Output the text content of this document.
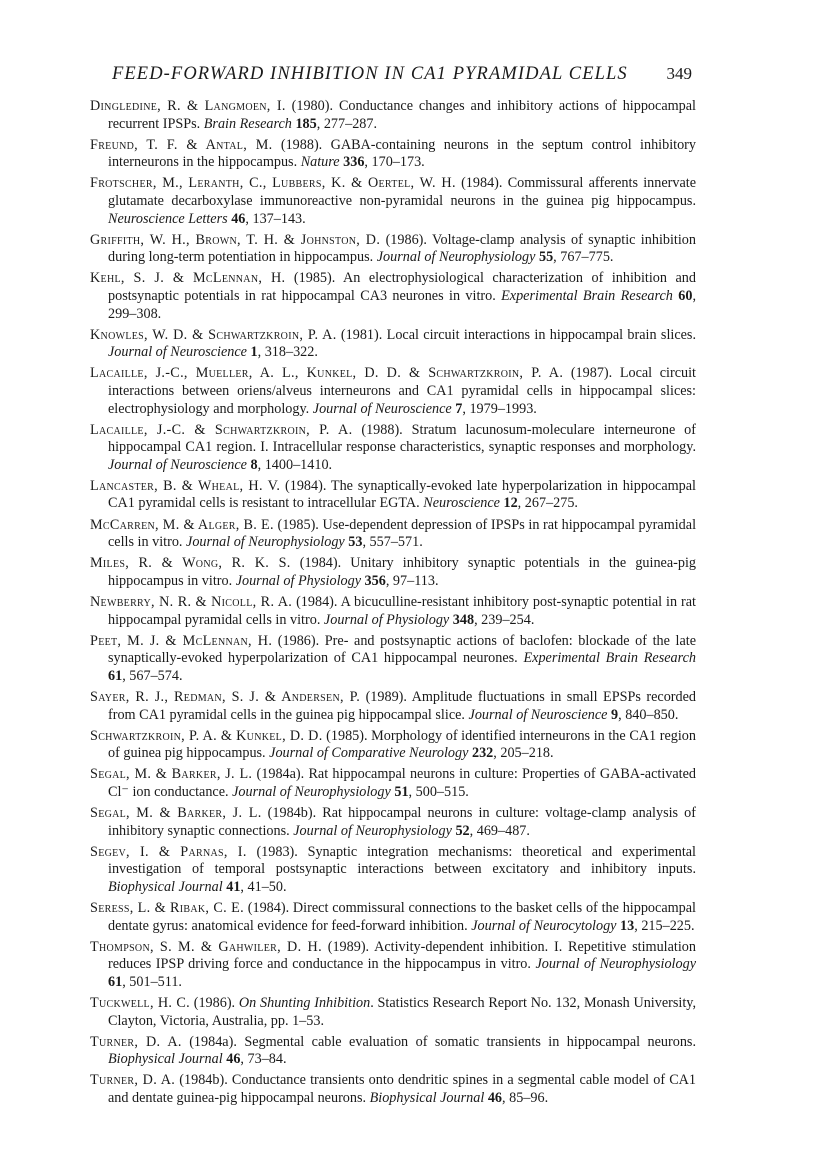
FEED-FORWARD INHIBITION IN CA1 PYRAMIDAL CELLS 349

Dingledine, R. & Langmoen, I. (1980). Conductance changes and inhibitory actions of hippocampal recurrent IPSPs. Brain Research 185, 277–287.

Freund, T. F. & Antal, M. (1988). GABA-containing neurons in the septum control inhibitory interneurons in the hippocampus. Nature 336, 170–173.

Frotscher, M., Leranth, C., Lubbers, K. & Oertel, W. H. (1984). Commissural afferents innervate glutamate decarboxylase immunoreactive non-pyramidal neurons in the guinea pig hippocampus. Neuroscience Letters 46, 137–143.

Griffith, W. H., Brown, T. H. & Johnston, D. (1986). Voltage-clamp analysis of synaptic inhibition during long-term potentiation in hippocampus. Journal of Neurophysiology 55, 767–775.

Kehl, S. J. & McLennan, H. (1985). An electrophysiological characterization of inhibition and postsynaptic potentials in rat hippocampal CA3 neurones in vitro. Experimental Brain Research 60, 299–308.

Knowles, W. D. & Schwartzkroin, P. A. (1981). Local circuit interactions in hippocampal brain slices. Journal of Neuroscience 1, 318–322.

Lacaille, J.-C., Mueller, A. L., Kunkel, D. D. & Schwartzkroin, P. A. (1987). Local circuit interactions between oriens/alveus interneurons and CA1 pyramidal cells in hippocampal slices: electrophysiology and morphology. Journal of Neuroscience 7, 1979–1993.

Lacaille, J.-C. & Schwartzkroin, P. A. (1988). Stratum lacunosum-moleculare interneurone of hippocampal CA1 region. I. Intracellular response characteristics, synaptic responses and morphology. Journal of Neuroscience 8, 1400–1410.

Lancaster, B. & Wheal, H. V. (1984). The synaptically-evoked late hyperpolarization in hippocampal CA1 pyramidal cells is resistant to intracellular EGTA. Neuroscience 12, 267–275.

McCarren, M. & Alger, B. E. (1985). Use-dependent depression of IPSPs in rat hippocampal pyramidal cells in vitro. Journal of Neurophysiology 53, 557–571.

Miles, R. & Wong, R. K. S. (1984). Unitary inhibitory synaptic potentials in the guinea-pig hippocampus in vitro. Journal of Physiology 356, 97–113.

Newberry, N. R. & Nicoll, R. A. (1984). A bicuculline-resistant inhibitory post-synaptic potential in rat hippocampal pyramidal cells in vitro. Journal of Physiology 348, 239–254.

Peet, M. J. & McLennan, H. (1986). Pre- and postsynaptic actions of baclofen: blockade of the late synaptically-evoked hyperpolarization of CA1 hippocampal neurones. Experimental Brain Research 61, 567–574.

Sayer, R. J., Redman, S. J. & Andersen, P. (1989). Amplitude fluctuations in small EPSPs recorded from CA1 pyramidal cells in the guinea pig hippocampal slice. Journal of Neuroscience 9, 840–850.

Schwartzkroin, P. A. & Kunkel, D. D. (1985). Morphology of identified interneurons in the CA1 region of guinea pig hippocampus. Journal of Comparative Neurology 232, 205–218.

Segal, M. & Barker, J. L. (1984a). Rat hippocampal neurons in culture: Properties of GABA-activated Cl⁻ ion conductance. Journal of Neurophysiology 51, 500–515.

Segal, M. & Barker, J. L. (1984b). Rat hippocampal neurons in culture: voltage-clamp analysis of inhibitory synaptic connections. Journal of Neurophysiology 52, 469–487.

Segev, I. & Parnas, I. (1983). Synaptic integration mechanisms: theoretical and experimental investigation of temporal postsynaptic interactions between excitatory and inhibitory inputs. Biophysical Journal 41, 41–50.

Seress, L. & Ribak, C. E. (1984). Direct commissural connections to the basket cells of the hippocampal dentate gyrus: anatomical evidence for feed-forward inhibition. Journal of Neurocytology 13, 215–225.

Thompson, S. M. & Gahwiler, D. H. (1989). Activity-dependent inhibition. I. Repetitive stimulation reduces IPSP driving force and conductance in the hippocampus in vitro. Journal of Neurophysiology 61, 501–511.

Tuckwell, H. C. (1986). On Shunting Inhibition. Statistics Research Report No. 132, Monash University, Clayton, Victoria, Australia, pp. 1–53.

Turner, D. A. (1984a). Segmental cable evaluation of somatic transients in hippocampal neurons. Biophysical Journal 46, 73–84.

Turner, D. A. (1984b). Conductance transients onto dendritic spines in a segmental cable model of CA1 and dentate guinea-pig hippocampal neurons. Biophysical Journal 46, 85–96.
